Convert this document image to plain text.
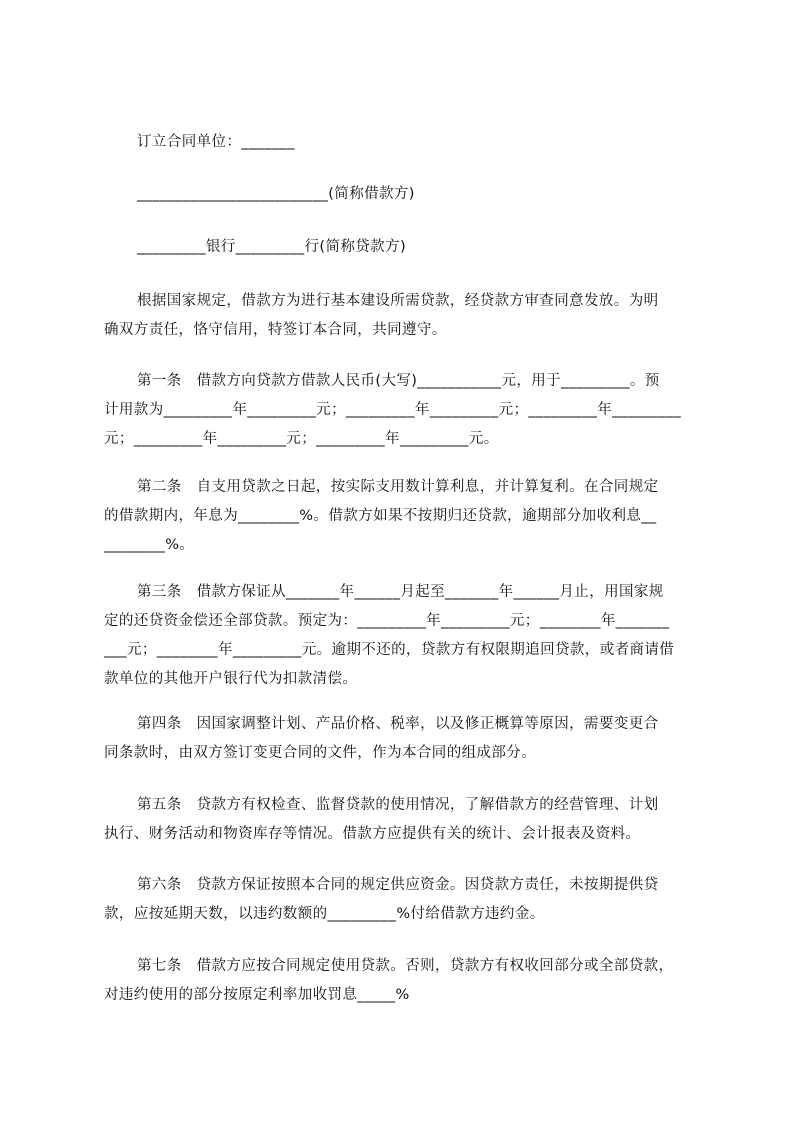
订立合同单位：_______

_________________________(简称借款方)

_________银行_________行(简称贷款方)

根据国家规定，借款方为进行基本建设所需贷款，经贷款方审查同意发放。为明
确双方责任，恪守信用，特签订本合同，共同遵守。
第一条　借款方向贷款方借款人民币(大写)___________元，用于_________。预
计用款为_________年_________元；_________年_________元；_________年_________
元；_________年_________元；_________年_________元。
第二条　自支用贷款之日起，按实际支用数计算利息，并计算复利。在合同规定
的借款期内，年息为________%。借款方如果不按期归还贷款，逾期部分加收利息__
________%。
第三条　借款方保证从_______年______月起至_______年______月止，用国家规
定的还贷资金偿还全部贷款。预定为：_________年_________元；________年_______
___元；________年_________元。逾期不还的，贷款方有权限期追回贷款，或者商请借
款单位的其他开户银行代为扣款清偿。
第四条　因国家调整计划、产品价格、税率，以及修正概算等原因，需要变更合
同条款时，由双方签订变更合同的文件，作为本合同的组成部分。
第五条　贷款方有权检查、监督贷款的使用情况，了解借款方的经营管理、计划
执行、财务活动和物资库存等情况。借款方应提供有关的统计、会计报表及资料。
第六条　贷款方保证按照本合同的规定供应资金。因贷款方责任，未按期提供贷
款，应按延期天数，以违约数额的_________%付给借款方违约金。
第七条　借款方应按合同规定使用贷款。否则，贷款方有权收回部分或全部贷款，
对违约使用的部分按原定利率加收罚息_____%
